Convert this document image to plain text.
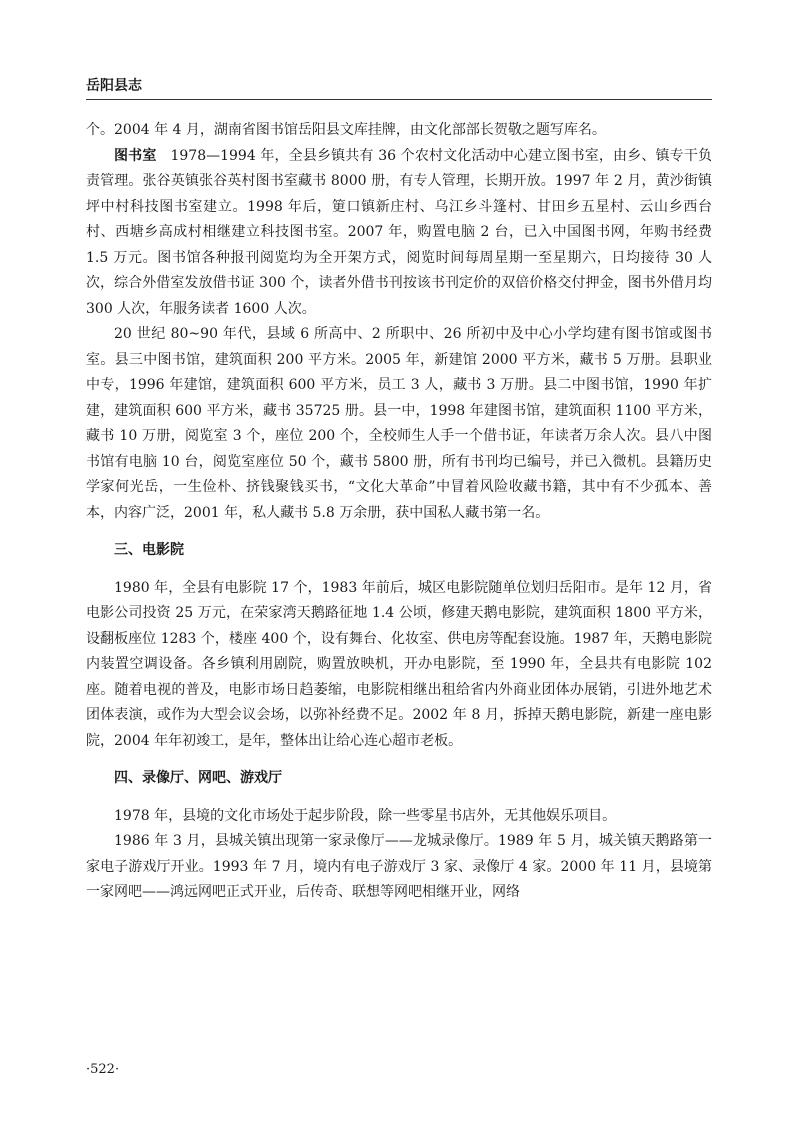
岳阳县志

个。2004 年 4 月，湖南省图书馆岳阳县文库挂牌，由文化部部长贺敬之题写库名。

图书室 1978—1994 年，全县乡镇共有 36 个农村文化活动中心建立图书室，由乡、镇专干负责管理。张谷英镇张谷英村图书室藏书 8000 册，有专人管理，长期开放。1997 年 2 月，黄沙街镇坪中村科技图书室建立。1998 年后，筻口镇新庄村、乌江乡斗篷村、甘田乡五星村、云山乡西台村、西塘乡高成村相继建立科技图书室。2007 年，购置电脑 2 台，已入中国图书网，年购书经费 1.5 万元。图书馆各种报刊阅览均为全开架方式，阅览时间每周星期一至星期六，日均接待 30 人次，综合外借室发放借书证 300 个，读者外借书刊按该书刊定价的双倍价格交付押金，图书外借月均 300 人次，年服务读者 1600 人次。

20 世纪 80~90 年代，县域 6 所高中、2 所职中、26 所初中及中心小学均建有图书馆或图书室。县三中图书馆，建筑面积 200 平方米。2005 年，新建馆 2000 平方米，藏书 5 万册。县职业中专，1996 年建馆，建筑面积 600 平方米，员工 3 人，藏书 3 万册。县二中图书馆，1990 年扩建，建筑面积 600 平方米，藏书 35725 册。县一中，1998 年建图书馆，建筑面积 1100 平方米，藏书 10 万册，阅览室 3 个，座位 200 个，全校师生人手一个借书证，年读者万余人次。县八中图书馆有电脑 10 台，阅览室座位 50 个，藏书 5800 册，所有书刊均已编号，并已入微机。县籍历史学家何光岳，一生俭朴、挤钱聚钱买书，“文化大革命”中冒着风险收藏书籍，其中有不少孤本、善本，内容广泛，2001 年，私人藏书 5.8 万余册，获中国私人藏书第一名。

三、电影院

1980 年，全县有电影院 17 个，1983 年前后，城区电影院随单位划归岳阳市。是年 12 月，省电影公司投资 25 万元，在荣家湾天鹅路征地 1.4 公顷，修建天鹅电影院，建筑面积 1800 平方米，设翻板座位 1283 个，楼座 400 个，设有舞台、化妆室、供电房等配套设施。1987 年，天鹅电影院内装置空调设备。各乡镇利用剧院，购置放映机，开办电影院，至 1990 年，全县共有电影院 102 座。随着电视的普及，电影市场日趋萎缩，电影院相继出租给省内外商业团体办展销，引进外地艺术团体表演，或作为大型会议会场，以弥补经费不足。2002 年 8 月，拆掉天鹅电影院，新建一座电影院，2004 年年初竣工，是年，整体出让给心连心超市老板。

四、录像厅、网吧、游戏厅

1978 年，县境的文化市场处于起步阶段，除一些零星书店外，无其他娱乐项目。

1986 年 3 月，县城关镇出现第一家录像厅——龙城录像厅。1989 年 5 月，城关镇天鹅路第一家电子游戏厅开业。1993 年 7 月，境内有电子游戏厅 3 家、录像厅 4 家。2000 年 11 月，县境第一家网吧——鸿远网吧正式开业，后传奇、联想等网吧相继开业，网络

·522·
